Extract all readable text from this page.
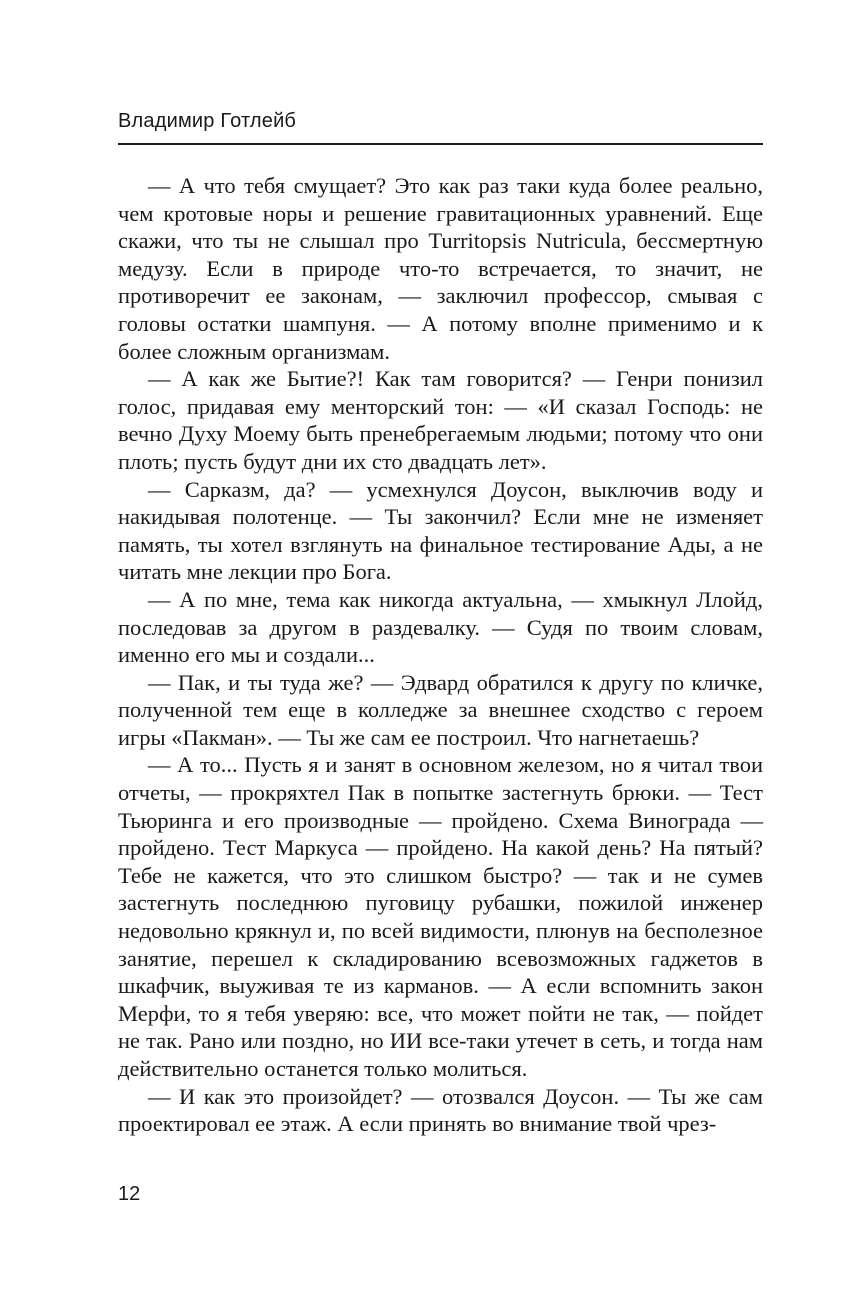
Владимир Готлейб

— А что тебя смущает? Это как раз таки куда более реально, чем кротовые норы и решение гравитационных уравнений. Еще скажи, что ты не слышал про Turritopsis Nutricula, бессмертную медузу. Если в природе что-то встречается, то значит, не противоречит ее законам, — заключил профессор, смывая с головы остатки шампуня. — А потому вполне применимо и к более сложным организмам.

— А как же Бытие?! Как там говорится? — Генри понизил голос, придавая ему менторский тон: — «И сказал Господь: не вечно Духу Моему быть пренебрегаемым людьми; потому что они плоть; пусть будут дни их сто двадцать лет».

— Сарказм, да? — усмехнулся Доусон, выключив воду и накидывая полотенце. — Ты закончил? Если мне не изменяет память, ты хотел взглянуть на финальное тестирование Ады, а не читать мне лекции про Бога.

— А по мне, тема как никогда актуальна, — хмыкнул Ллойд, последовав за другом в раздевалку. — Судя по твоим словам, именно его мы и создали...

— Пак, и ты туда же? — Эдвард обратился к другу по кличке, полученной тем еще в колледже за внешнее сходство с героем игры «Пакман». — Ты же сам ее построил. Что нагнетаешь?

— А то... Пусть я и занят в основном железом, но я читал твои отчеты, — прокряхтел Пак в попытке застегнуть брюки. — Тест Тьюринга и его производные — пройдено. Схема Винограда — пройдено. Тест Маркуса — пройдено. На какой день? На пятый? Тебе не кажется, что это слишком быстро? — так и не сумев застегнуть последнюю пуговицу рубашки, пожилой инженер недовольно крякнул и, по всей видимости, плюнув на бесполезное занятие, перешел к складированию всевозможных гаджетов в шкафчик, выуживая те из карманов. — А если вспомнить закон Мерфи, то я тебя уверяю: все, что может пойти не так, — пойдет не так. Рано или поздно, но ИИ все-таки утечет в сеть, и тогда нам действительно останется только молиться.

— И как это произойдет? — отозвался Доусон. — Ты же сам проектировал ее этаж. А если принять во внимание твой чрез-

12
